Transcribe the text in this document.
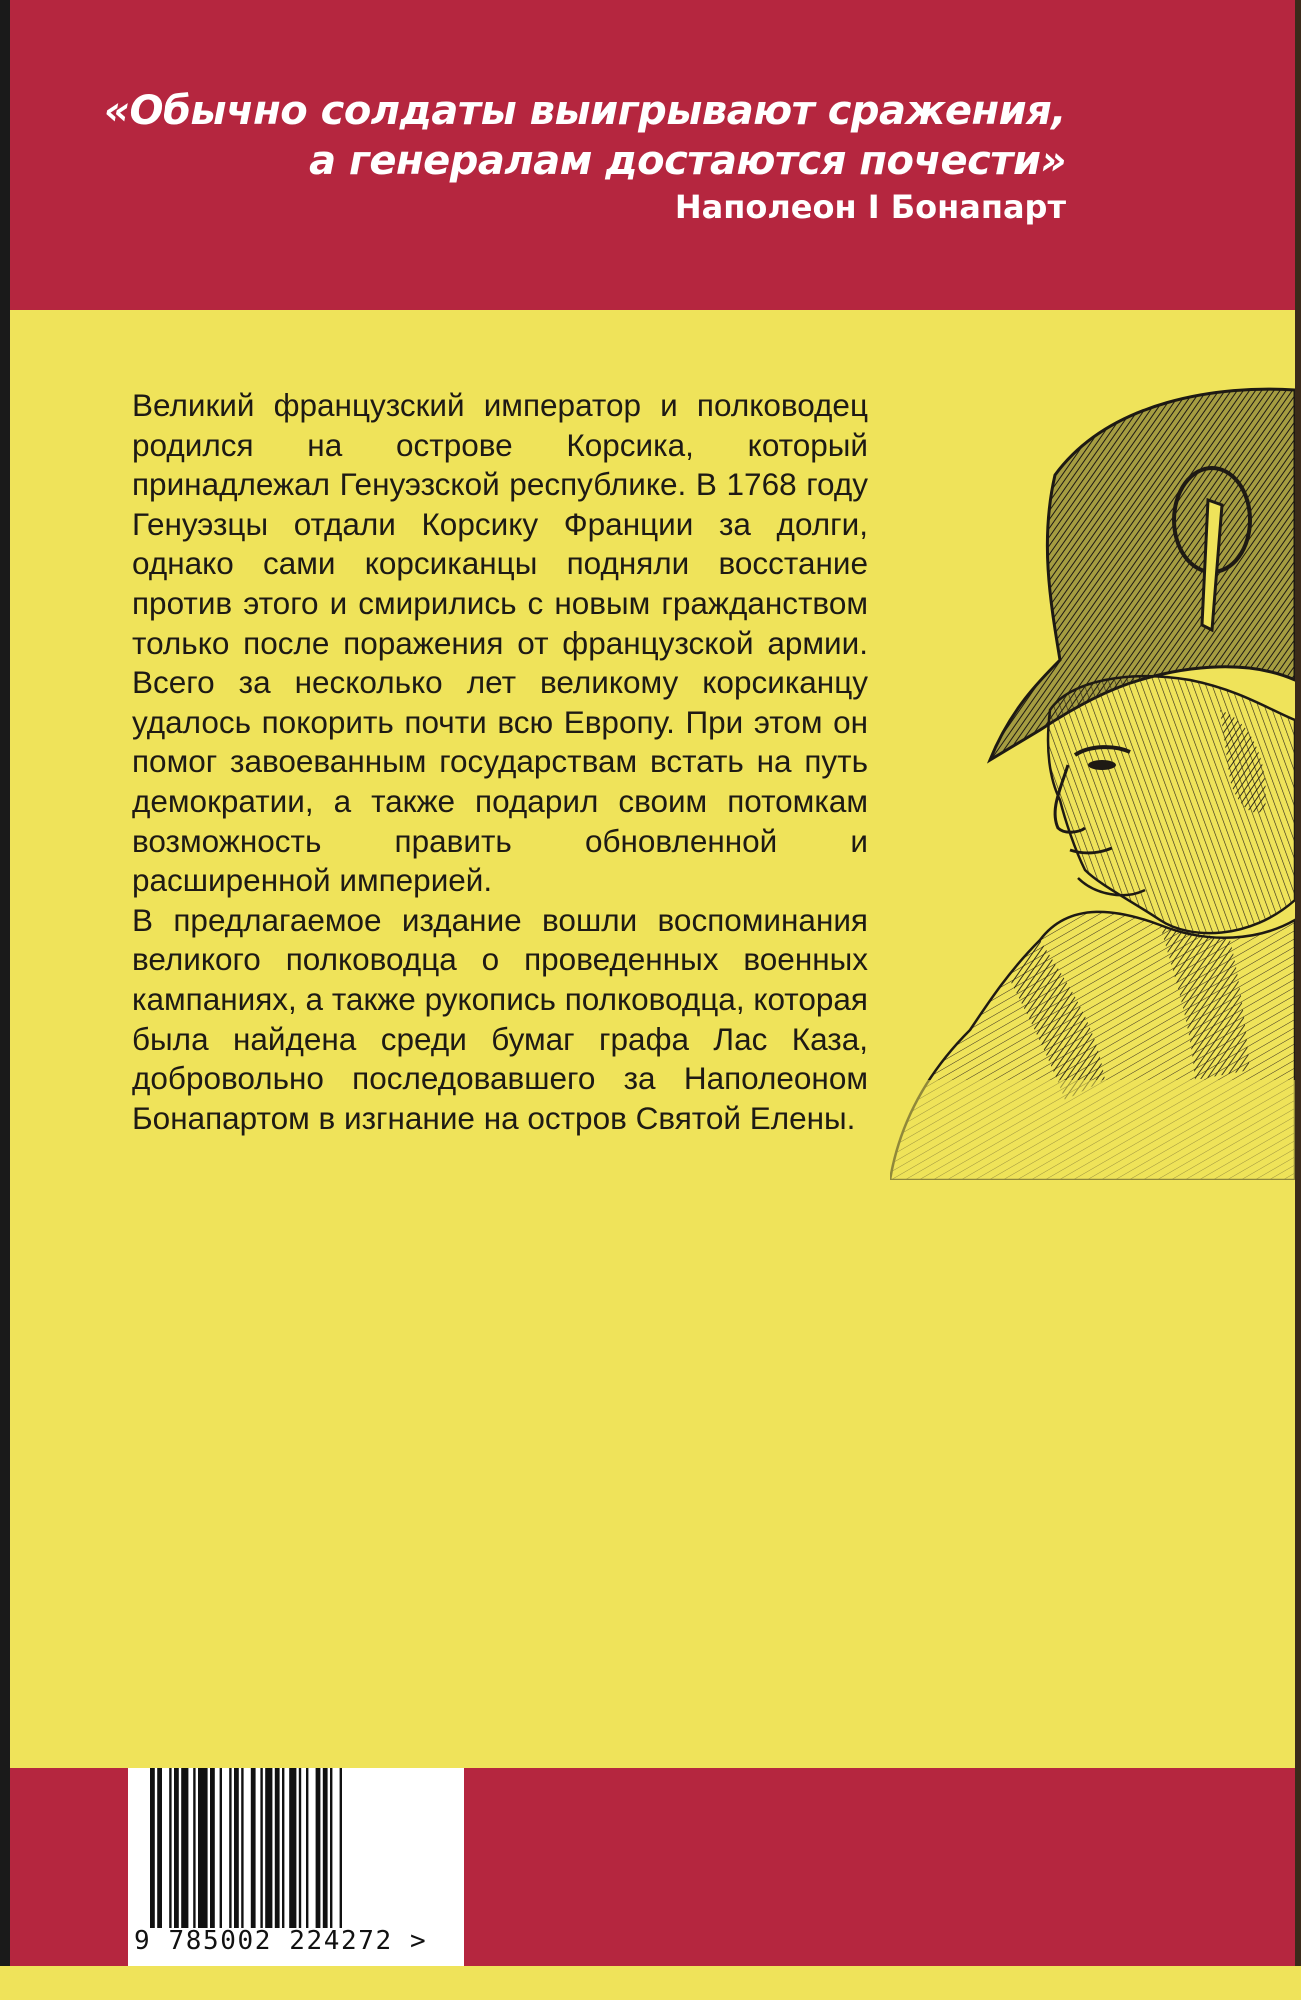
«Обычно солдаты выигрывают сражения,
а генералам достаются почести»
Наполеон I Бонапарт

Великий французский император и полководец родился на острове Корсика, который принадлежал Генуэзской республике. В 1768 году Генуэзцы отдали Корсику Франции за долги, однако сами корсиканцы подняли восстание против этого и смирились с новым гражданством только после поражения от французской армии. Всего за несколько лет великому корсиканцу удалось покорить почти всю Европу. При этом он помог завоеванным государствам встать на путь демократии, а также подарил своим потомкам возможность править обновленной и расширенной империей.

В предлагаемое издание вошли воспоминания великого полководца о проведенных военных кампаниях, а также рукопись полководца, которая была найдена среди бумаг графа Лас Каза, добровольно последовавшего за Наполеоном Бонапартом в изгнание на остров Святой Елены.

9 785002 224272 >
